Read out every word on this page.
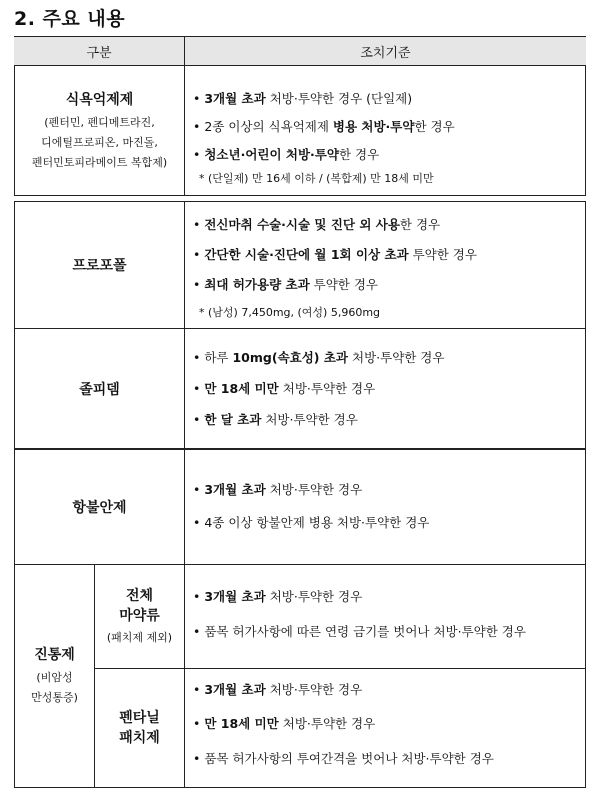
2. 주요 내용
구분	조치기준
식욕억제제
(펜터민, 펜디메트라진,
디에틸프로피온, 마진돌,
펜터민토피라메이트 복합제)
• 3개월 초과 처방·투약한 경우 (단일제)
• 2종 이상의 식욕억제제 병용 처방·투약한 경우
• 청소년·어린이 처방·투약한 경우
* (단일제) 만 16세 이하 / (복합제) 만 18세 미만
프로포폴
• 전신마취 수술·시술 및 진단 외 사용한 경우
• 간단한 시술·진단에 월 1회 이상 초과 투약한 경우
• 최대 허가용량 초과 투약한 경우
* (남성) 7,450mg, (여성) 5,960mg
졸피뎀
• 하루 10mg(속효성) 초과 처방·투약한 경우
• 만 18세 미만 처방·투약한 경우
• 한 달 초과 처방·투약한 경우
항불안제
• 3개월 초과 처방·투약한 경우
• 4종 이상 항불안제 병용 처방·투약한 경우
진통제
(비암성
만성통증)
전체
마약류
(패치제 제외)
• 3개월 초과 처방·투약한 경우
• 품목 허가사항에 따른 연령 금기를 벗어나 처방·투약한 경우
펜타닐
패치제
• 3개월 초과 처방·투약한 경우
• 만 18세 미만 처방·투약한 경우
• 품목 허가사항의 투여간격을 벗어나 처방·투약한 경우
